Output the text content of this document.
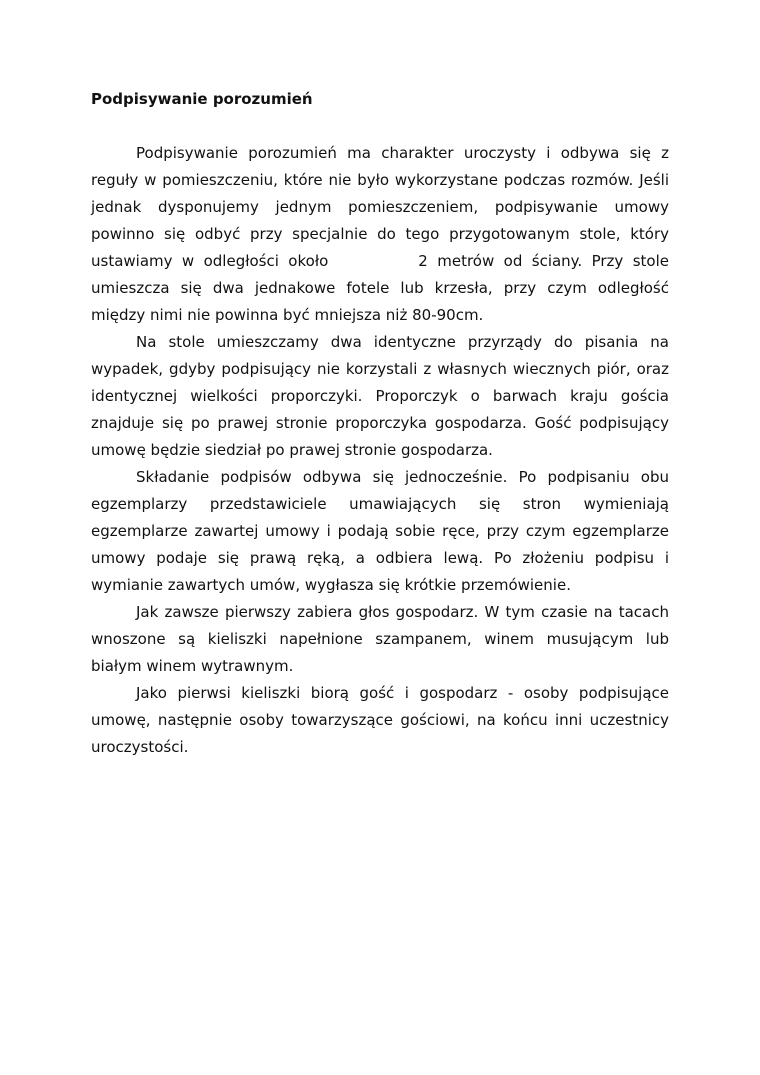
Podpisywanie porozumień

Podpisywanie porozumień ma charakter uroczysty i odbywa się z reguły w pomieszczeniu, które nie było wykorzystane podczas rozmów. Jeśli jednak dysponujemy jednym pomieszczeniem, podpisywanie umowy powinno się odbyć przy specjalnie do tego przygotowanym stole, który ustawiamy w odległości około	2 metrów od ściany. Przy stole umieszcza się dwa jednakowe fotele lub krzesła, przy czym odległość między nimi nie powinna być mniejsza niż 80-90cm.

Na stole umieszczamy dwa identyczne przyrządy do pisania na wypadek, gdyby podpisujący nie korzystali z własnych wiecznych piór, oraz identycznej wielkości proporczyki. Proporczyk o barwach kraju gościa znajduje się po prawej stronie proporczyka gospodarza. Gość podpisujący umowę będzie siedział po prawej stronie gospodarza.

Składanie podpisów odbywa się jednocześnie. Po podpisaniu obu egzemplarzy przedstawiciele umawiających się stron wymieniają egzemplarze zawartej umowy i podają sobie ręce, przy czym egzemplarze umowy podaje się prawą ręką, a odbiera lewą. Po złożeniu podpisu i wymianie zawartych umów, wygłasza się krótkie przemówienie.

Jak zawsze pierwszy zabiera głos gospodarz. W tym czasie na tacach wnoszone są kieliszki napełnione szampanem, winem musującym lub białym winem wytrawnym.

Jako pierwsi kieliszki biorą gość i gospodarz - osoby podpisujące umowę, następnie osoby towarzyszące gościowi, na końcu inni uczestnicy uroczystości.
